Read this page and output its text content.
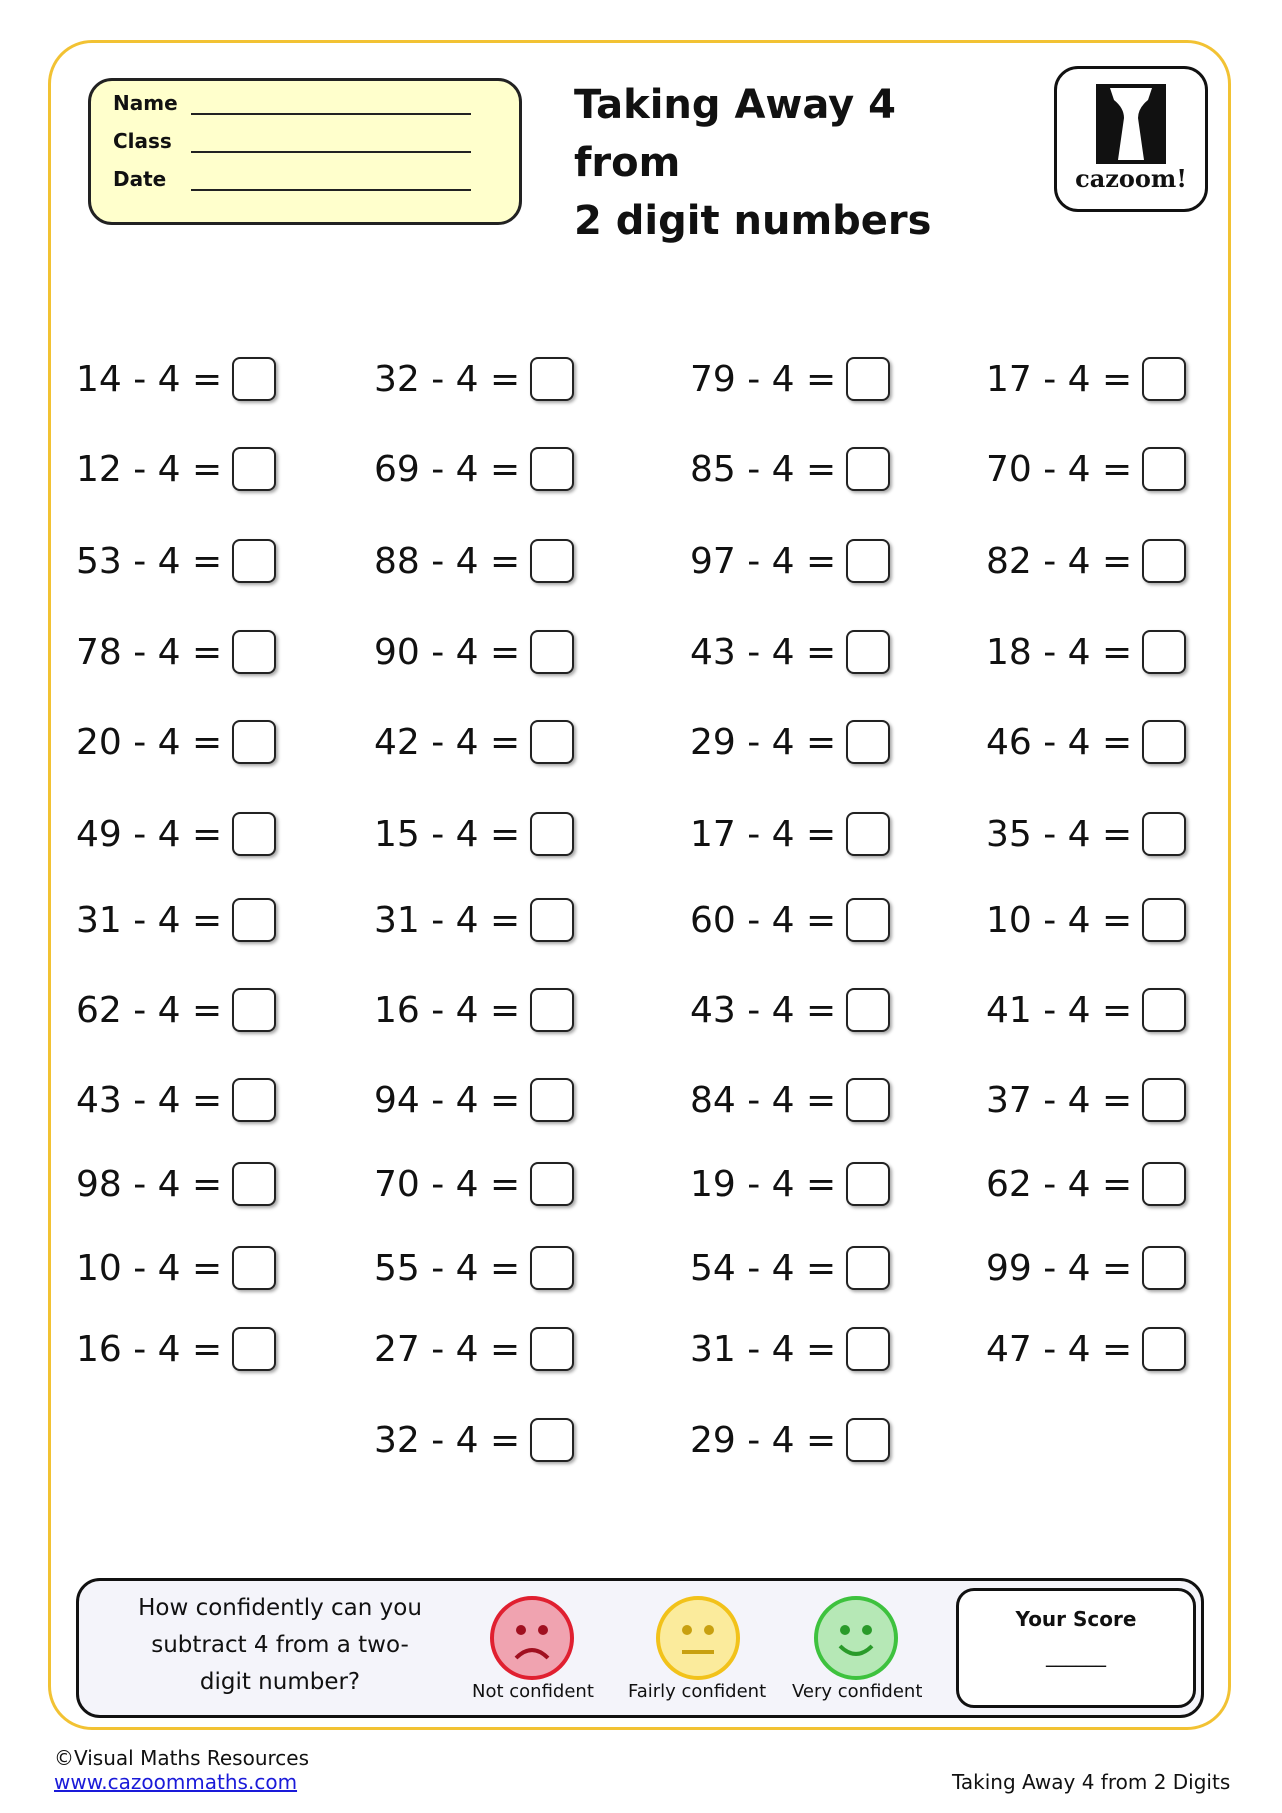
Name
Class
Date
Taking Away 4 from
2 digit numbers
cazoom!
14 - 4 =
12 - 4 =
53 - 4 =
78 - 4 =
20 - 4 =
49 - 4 =
31 - 4 =
62 - 4 =
43 - 4 =
98 - 4 =
10 - 4 =
16 - 4 =
32 - 4 =
69 - 4 =
88 - 4 =
90 - 4 =
42 - 4 =
15 - 4 =
31 - 4 =
16 - 4 =
94 - 4 =
70 - 4 =
55 - 4 =
27 - 4 =
32 - 4 =
79 - 4 =
85 - 4 =
97 - 4 =
43 - 4 =
29 - 4 =
17 - 4 =
60 - 4 =
43 - 4 =
84 - 4 =
19 - 4 =
54 - 4 =
31 - 4 =
29 - 4 =
17 - 4 =
70 - 4 =
82 - 4 =
18 - 4 =
46 - 4 =
35 - 4 =
10 - 4 =
41 - 4 =
37 - 4 =
62 - 4 =
99 - 4 =
47 - 4 =
How confidently can you subtract 4 from a two-digit number?	Not confident Fairly confident Very confident
Your Score
______
©Visual Maths Resources
www.cazoommaths.com	Taking Away 4 from 2 Digits
